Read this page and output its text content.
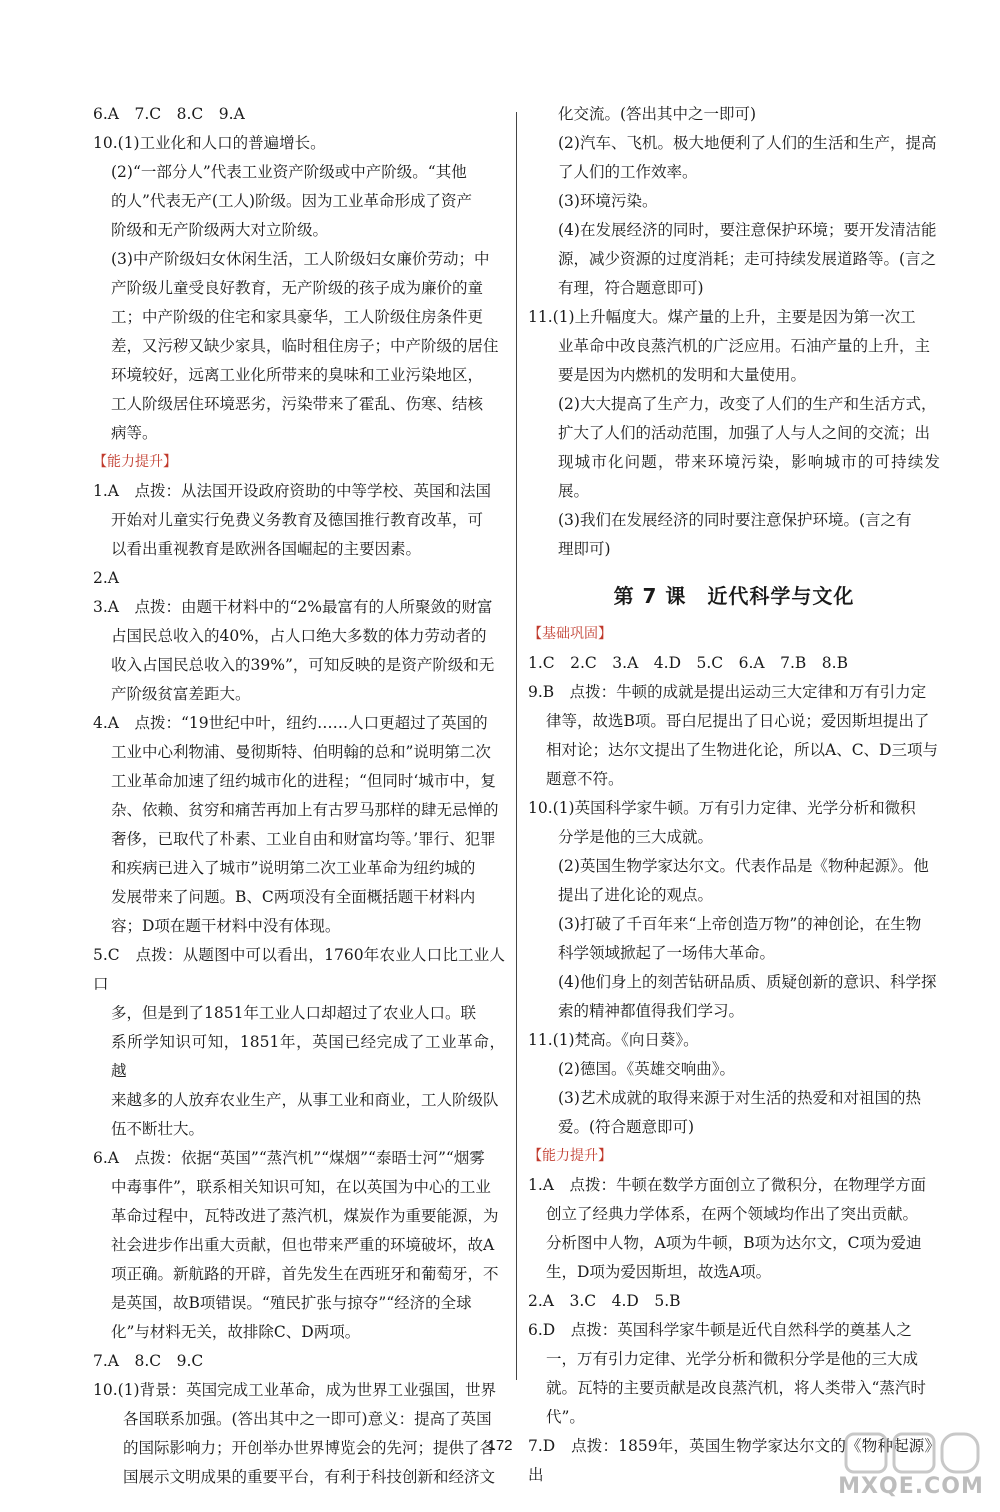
6.A　7.C　8.C　9.A
10.(1)工业化和人口的普遍增长。
(2)“一部分人”代表工业资产阶级或中产阶级。“其他
的人”代表无产(工人)阶级。因为工业革命形成了资产
阶级和无产阶级两大对立阶级。
(3)中产阶级妇女休闲生活，工人阶级妇女廉价劳动；中
产阶级儿童受良好教育，无产阶级的孩子成为廉价的童
工；中产阶级的住宅和家具豪华，工人阶级住房条件更
差，又污秽又缺少家具，临时租住房子；中产阶级的居住
环境较好，远离工业化所带来的臭味和工业污染地区，
工人阶级居住环境恶劣，污染带来了霍乱、伤寒、结核
病等。
【能力提升】
1.A　点拨：从法国开设政府资助的中等学校、英国和法国
开始对儿童实行免费义务教育及德国推行教育改革，可
以看出重视教育是欧洲各国崛起的主要因素。
2.A
3.A　点拨：由题干材料中的“2%最富有的人所聚敛的财富
占国民总收入的40%，占人口绝大多数的体力劳动者的
收入占国民总收入的39%”，可知反映的是资产阶级和无
产阶级贫富差距大。
4.A　点拨：“19世纪中叶，纽约……人口更超过了英国的
工业中心利物浦、曼彻斯特、伯明翰的总和”说明第二次
工业革命加速了纽约城市化的进程；“但同时‘城市中，复
杂、依赖、贫穷和痛苦再加上有古罗马那样的肆无忌惮的
奢侈，已取代了朴素、工业自由和财富均等。’罪行、犯罪
和疾病已进入了城市”说明第二次工业革命为纽约城的
发展带来了问题。B、C两项没有全面概括题干材料内
容；D项在题干材料中没有体现。
5.C　点拨：从题图中可以看出，1760年农业人口比工业人口
多，但是到了1851年工业人口却超过了农业人口。联
系所学知识可知，1851年，英国已经完成了工业革命，越
来越多的人放弃农业生产，从事工业和商业，工人阶级队
伍不断壮大。
6.A　点拨：依据“英国”“蒸汽机”“煤烟”“泰晤士河”“烟雾
中毒事件”，联系相关知识可知，在以英国为中心的工业
革命过程中，瓦特改进了蒸汽机，煤炭作为重要能源，为
社会进步作出重大贡献，但也带来严重的环境破坏，故A
项正确。新航路的开辟，首先发生在西班牙和葡萄牙，不
是英国，故B项错误。“殖民扩张与掠夺”“经济的全球
化”与材料无关，故排除C、D两项。
7.A　8.C　9.C
10.(1)背景：英国完成工业革命，成为世界工业强国，世界
各国联系加强。(答出其中之一即可)意义：提高了英国
的国际影响力；开创举办世界博览会的先河；提供了各
国展示文明成果的重要平台，有利于科技创新和经济文
化交流。(答出其中之一即可)
(2)汽车、飞机。极大地便利了人们的生活和生产，提高
了人们的工作效率。
(3)环境污染。
(4)在发展经济的同时，要注意保护环境；要开发清洁能
源，减少资源的过度消耗；走可持续发展道路等。(言之
有理，符合题意即可)
11.(1)上升幅度大。煤产量的上升，主要是因为第一次工
业革命中改良蒸汽机的广泛应用。石油产量的上升，主
要是因为内燃机的发明和大量使用。
(2)大大提高了生产力，改变了人们的生产和生活方式，
扩大了人们的活动范围，加强了人与人之间的交流；出
现城市化问题，带来环境污染，影响城市的可持续发展。
(3)我们在发展经济的同时要注意保护环境。(言之有
理即可)
第 7 课　近代科学与文化
【基础巩固】
1.C　2.C　3.A　4.D　5.C　6.A　7.B　8.B
9.B　点拨：牛顿的成就是提出运动三大定律和万有引力定
律等，故选B项。哥白尼提出了日心说；爱因斯坦提出了
相对论；达尔文提出了生物进化论，所以A、C、D三项与
题意不符。
10.(1)英国科学家牛顿。万有引力定律、光学分析和微积
分学是他的三大成就。
(2)英国生物学家达尔文。代表作品是《物种起源》。他
提出了进化论的观点。
(3)打破了千百年来“上帝创造万物”的神创论，在生物
科学领域掀起了一场伟大革命。
(4)他们身上的刻苦钻研品质、质疑创新的意识、科学探
索的精神都值得我们学习。
11.(1)梵高。《向日葵》。
(2)德国。《英雄交响曲》。
(3)艺术成就的取得来源于对生活的热爱和对祖国的热
爱。(符合题意即可)
【能力提升】
1.A　点拨：牛顿在数学方面创立了微积分，在物理学方面
创立了经典力学体系，在两个领域均作出了突出贡献。
分析图中人物，A项为牛顿，B项为达尔文，C项为爱迪
生，D项为爱因斯坦，故选A项。
2.A　3.C　4.D　5.B
6.D　点拨：英国科学家牛顿是近代自然科学的奠基人之
一，万有引力定律、光学分析和微积分学是他的三大成
就。瓦特的主要贡献是改良蒸汽机，将人类带入“蒸汽时
代”。
7.D　点拨：1859年，英国生物学家达尔文的《物种起源》出
172
MXQE.COM
